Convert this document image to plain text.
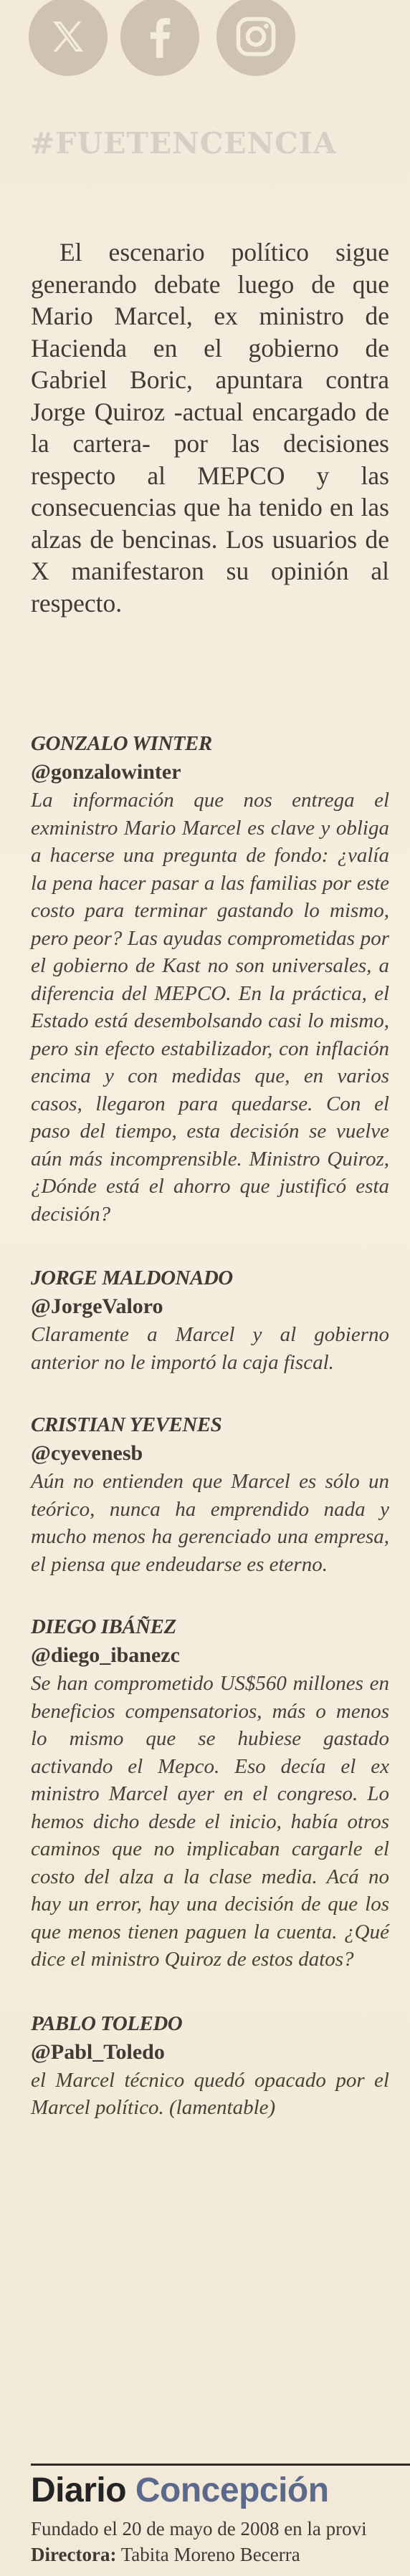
#FUETENCENCIA

El escenario político sigue generando debate luego de que Mario Marcel, ex ministro de Hacienda en el gobierno de Gabriel Boric, apuntara contra Jorge Quiroz -actual encargado de la cartera- por las decisiones respecto al MEPCO y las consecuencias que ha tenido en las alzas de bencinas. Los usuarios de X manifestaron su opinión al respecto.

GONZALO WINTER
@gonzalowinter
La información que nos entrega el exministro Mario Marcel es clave y obliga a hacerse una pregunta de fondo: ¿valía la pena hacer pasar a las familias por este costo para terminar gastando lo mismo, pero peor? Las ayudas comprometidas por el gobierno de Kast no son universales, a diferencia del MEPCO. En la práctica, el Estado está desembolsando casi lo mismo, pero sin efecto estabilizador, con inflación encima y con medidas que, en varios casos, llegaron para quedarse. Con el paso del tiempo, esta decisión se vuelve aún más incomprensible. Ministro Quiroz, ¿Dónde está el ahorro que justificó esta decisión?
JORGE MALDONADO
@JorgeValoro
Claramente a Marcel y al gobierno anterior no le importó la caja fiscal.
CRISTIAN YEVENES
@cyevenesb
Aún no entienden que Marcel es sólo un teórico, nunca ha emprendido nada y mucho menos ha gerenciado una empresa, el piensa que endeudarse es eterno.
DIEGO IBÁÑEZ
@diego_ibanezc
Se han comprometido US$560 millones en beneficios compensatorios, más o menos lo mismo que se hubiese gastado activando el Mepco. Eso decía el ex ministro Marcel ayer en el congreso. Lo hemos dicho desde el inicio, había otros caminos que no implicaban cargarle el costo del alza a la clase media. Acá no hay un error, hay una decisión de que los que menos tienen paguen la cuenta. ¿Qué dice el ministro Quiroz de estos datos?
PABLO TOLEDO
@Pabl_Toledo
el Marcel técnico quedó opacado por el Marcel político. (lamentable)
Diario Concepción
Fundado el 20 de mayo de 2008 en la provi
Directora: Tabita Moreno Becerra
